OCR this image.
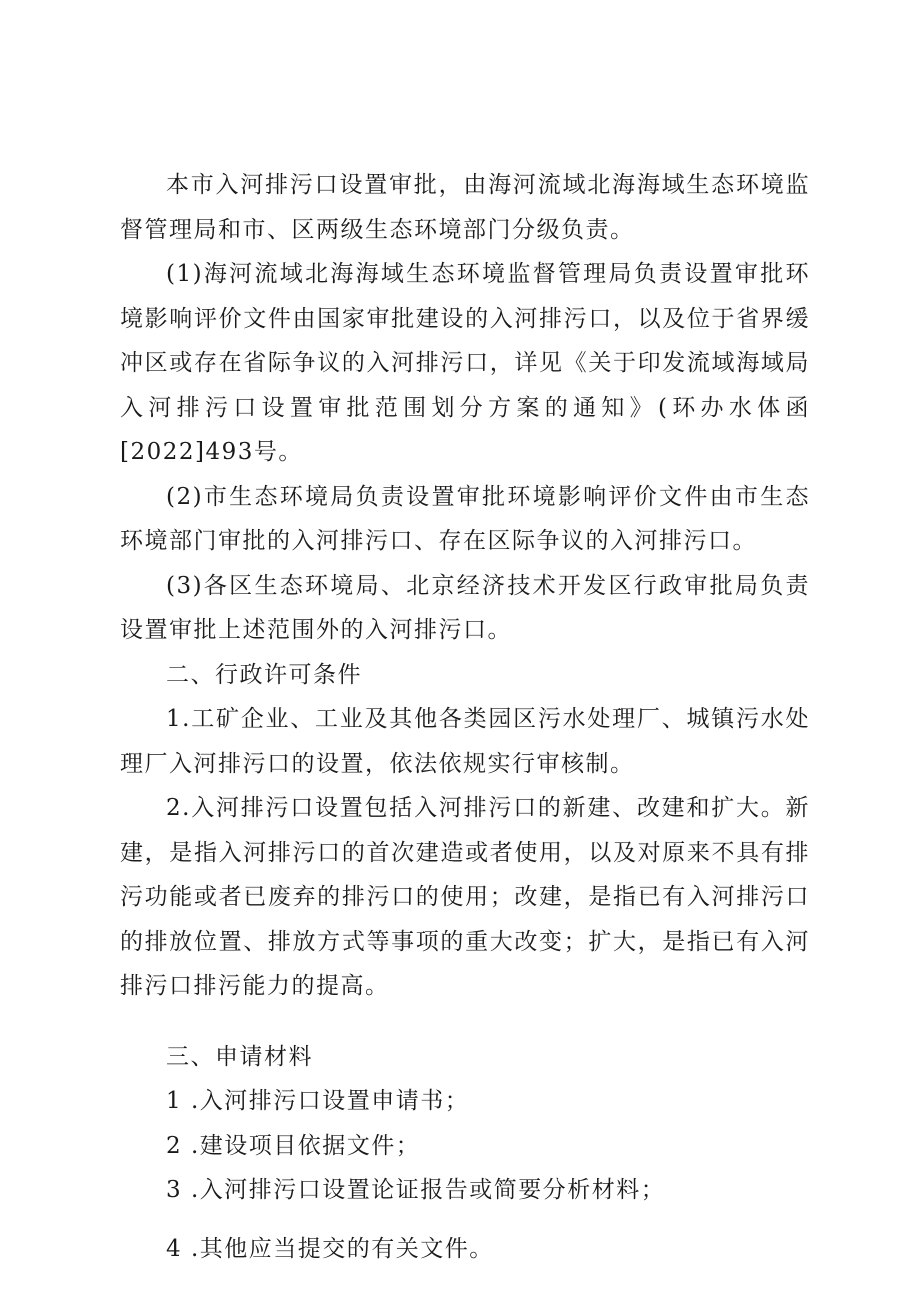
本市入河排污口设置审批，由海河流域北海海域生态环境监督管理局和市、区两级生态环境部门分级负责。

(1)海河流域北海海域生态环境监督管理局负责设置审批环境影响评价文件由国家审批建设的入河排污口，以及位于省界缓冲区或存在省际争议的入河排污口，详见《关于印发流域海域局入河排污口设置审批范围划分方案的通知》(环办水体函[2022]493号。

(2)市生态环境局负责设置审批环境影响评价文件由市生态环境部门审批的入河排污口、存在区际争议的入河排污口。

(3)各区生态环境局、北京经济技术开发区行政审批局负责设置审批上述范围外的入河排污口。

二、行政许可条件

1.工矿企业、工业及其他各类园区污水处理厂、城镇污水处理厂入河排污口的设置，依法依规实行审核制。

2.入河排污口设置包括入河排污口的新建、改建和扩大。新建，是指入河排污口的首次建造或者使用，以及对原来不具有排污功能或者已废弃的排污口的使用；改建，是指已有入河排污口的排放位置、排放方式等事项的重大改变；扩大，是指已有入河排污口排污能力的提高。

三、申请材料

1 .入河排污口设置申请书；

2 .建设项目依据文件；

3 .入河排污口设置论证报告或简要分析材料；

4 .其他应当提交的有关文件。
